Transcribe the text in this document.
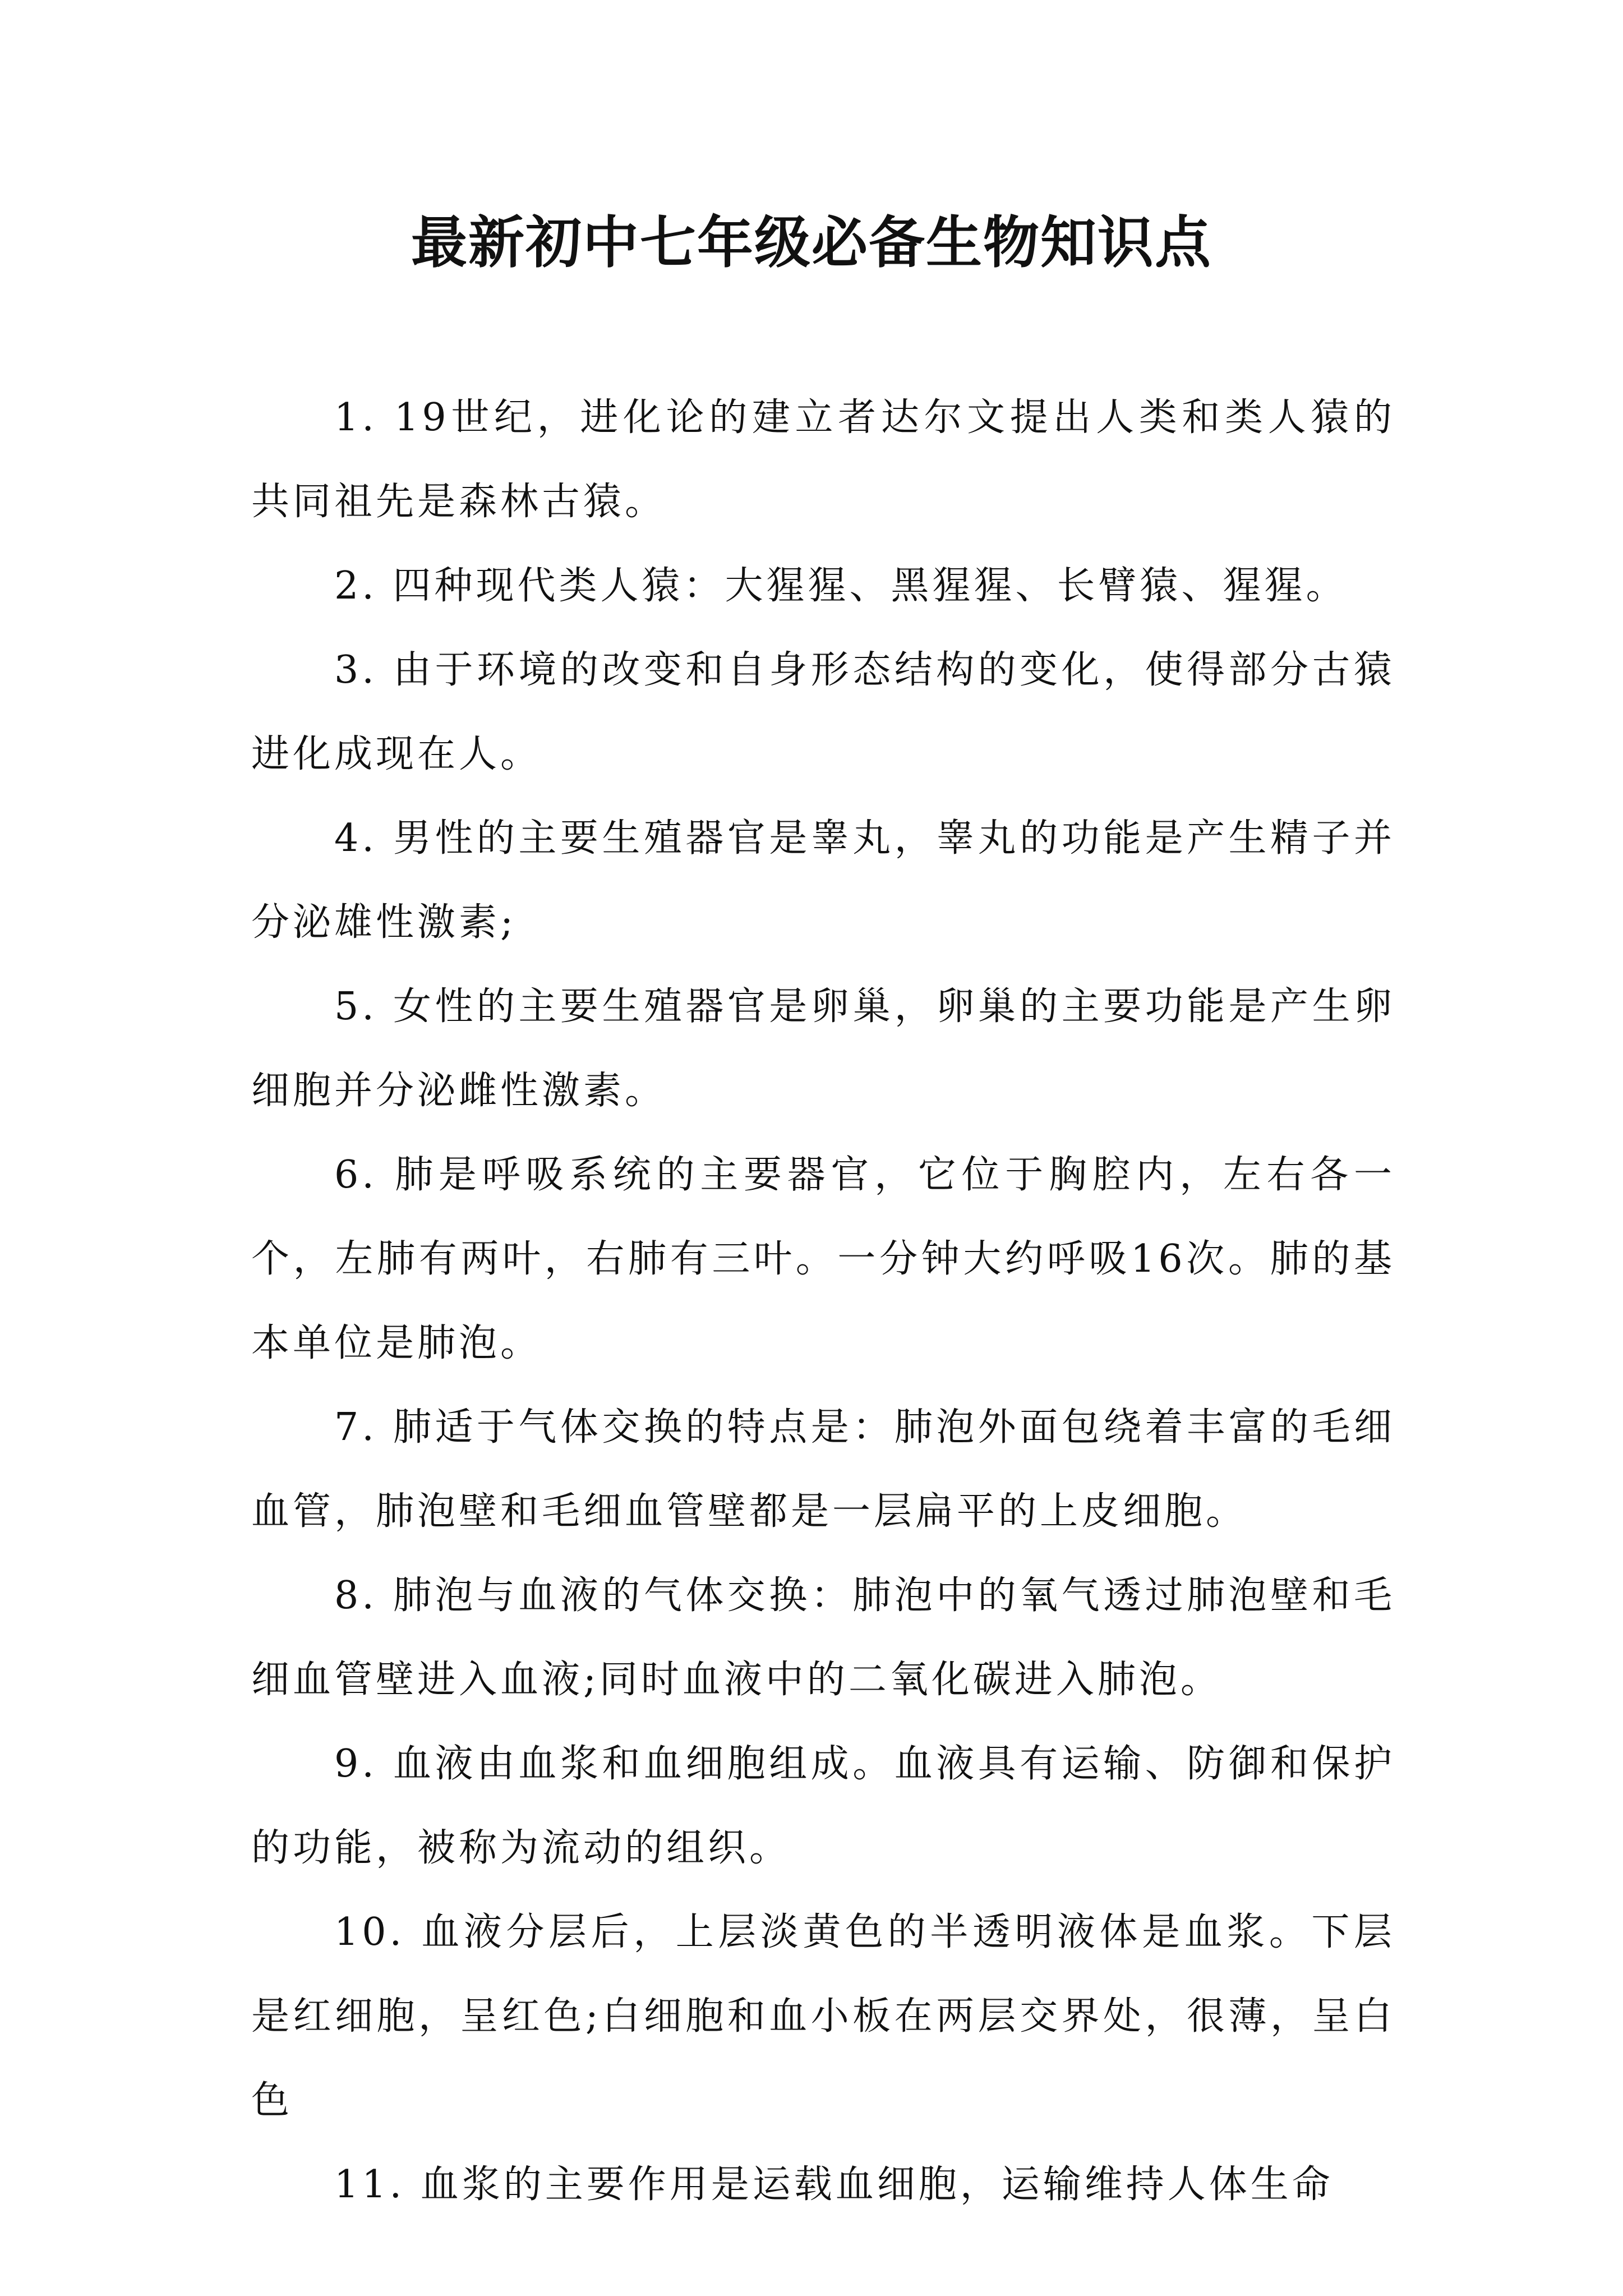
最新初中七年级必备生物知识点

1. 19世纪，进化论的建立者达尔文提出人类和类人猿的共同祖先是森林古猿。

2. 四种现代类人猿：大猩猩、黑猩猩、长臂猿、猩猩。

3. 由于环境的改变和自身形态结构的变化，使得部分古猿进化成现在人。

4. 男性的主要生殖器官是睾丸，睾丸的功能是产生精子并分泌雄性激素;

5. 女性的主要生殖器官是卵巢，卵巢的主要功能是产生卵细胞并分泌雌性激素。

6. 肺是呼吸系统的主要器官，它位于胸腔内，左右各一个，左肺有两叶，右肺有三叶。一分钟大约呼吸16次。肺的基本单位是肺泡。

7. 肺适于气体交换的特点是：肺泡外面包绕着丰富的毛细血管，肺泡壁和毛细血管壁都是一层扁平的上皮细胞。

8. 肺泡与血液的气体交换：肺泡中的氧气透过肺泡壁和毛细血管壁进入血液;同时血液中的二氧化碳进入肺泡。

9. 血液由血浆和血细胞组成。血液具有运输、防御和保护的功能，被称为流动的组织。

10. 血液分层后，上层淡黄色的半透明液体是血浆。下层是红细胞，呈红色;白细胞和血小板在两层交界处，很薄，呈白色

11. 血浆的主要作用是运载血细胞，运输维持人体生命
